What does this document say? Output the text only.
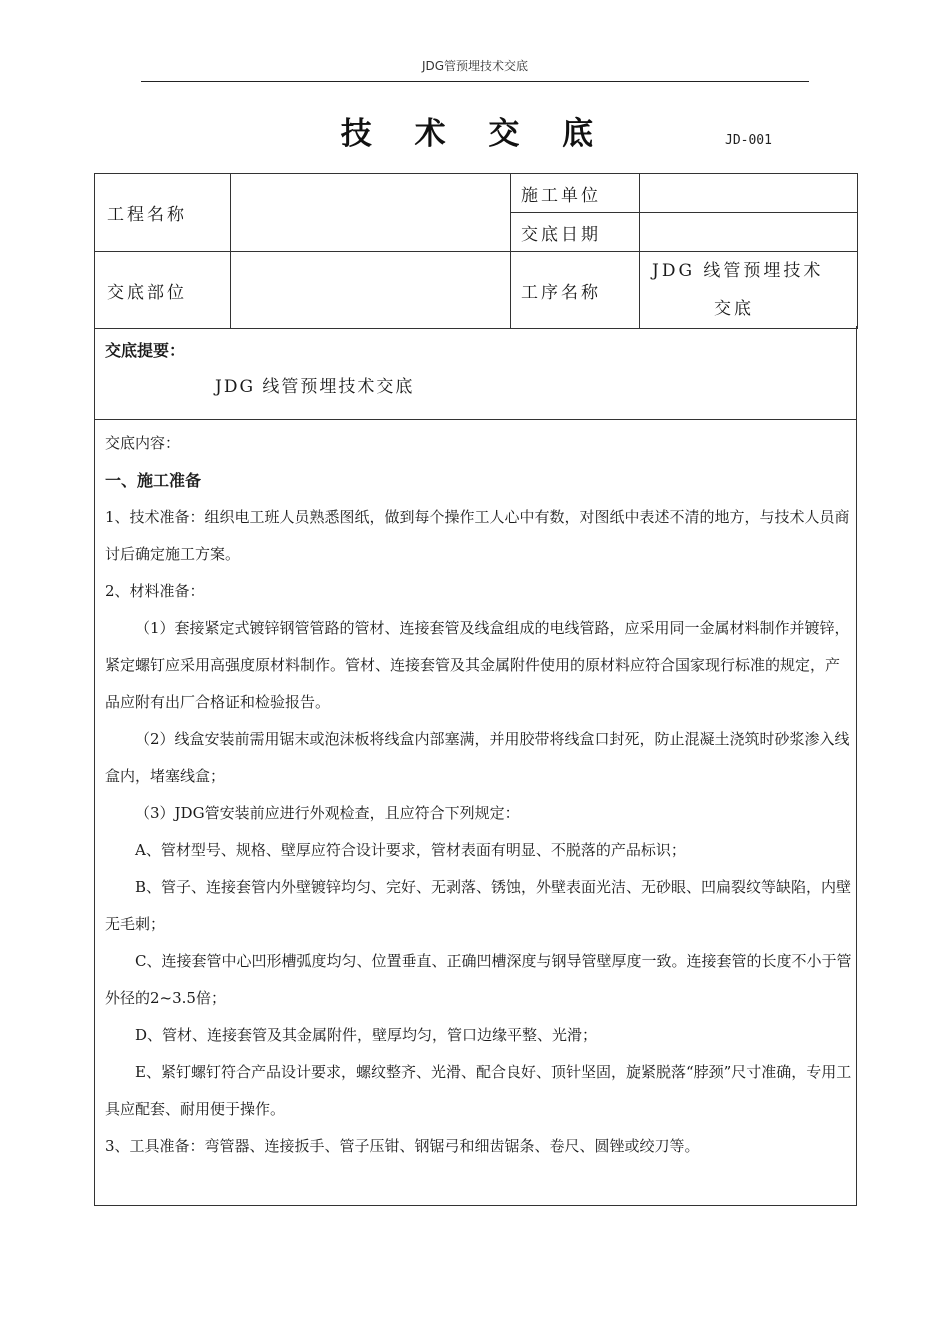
JDG管预埋技术交底
技 术 交 底	JD-001
工程名称		施工单位	
		交底日期	
交底部位		工序名称	JDG 线管预埋技术
交底
交底提要：
JDG 线管预埋技术交底

交底内容：

一、施工准备

1、技术准备：组织电工班人员熟悉图纸，做到每个操作工人心中有数，对图纸中表述不清的地方，与技术人员商讨后确定施工方案。

2、材料准备：

（1）套接紧定式镀锌钢管管路的管材、连接套管及线盒组成的电线管路，应采用同一金属材料制作并镀锌，紧定螺钉应采用高强度原材料制作。管材、连接套管及其金属附件使用的原材料应符合国家现行标准的规定，产品应附有出厂合格证和检验报告。

（2）线盒安装前需用锯末或泡沫板将线盒内部塞满，并用胶带将线盒口封死，防止混凝土浇筑时砂浆渗入线盒内，堵塞线盒；

（3）JDG管安装前应进行外观检查，且应符合下列规定：

A、管材型号、规格、壁厚应符合设计要求，管材表面有明显、不脱落的产品标识；

B、管子、连接套管内外壁镀锌均匀、完好、无剥落、锈蚀，外壁表面光洁、无砂眼、凹扁裂纹等缺陷，内壁无毛刺；

C、连接套管中心凹形槽弧度均匀、位置垂直、正确凹槽深度与钢导管壁厚度一致。连接套管的长度不小于管外径的2~3.5倍；

D、管材、连接套管及其金属附件，壁厚均匀，管口边缘平整、光滑；

E、紧钉螺钉符合产品设计要求，螺纹整齐、光滑、配合良好、顶针坚固，旋紧脱落“脖颈”尺寸准确，专用工具应配套、耐用便于操作。

3、工具准备：弯管器、连接扳手、管子压钳、钢锯弓和细齿锯条、卷尺、圆锉或绞刀等。
